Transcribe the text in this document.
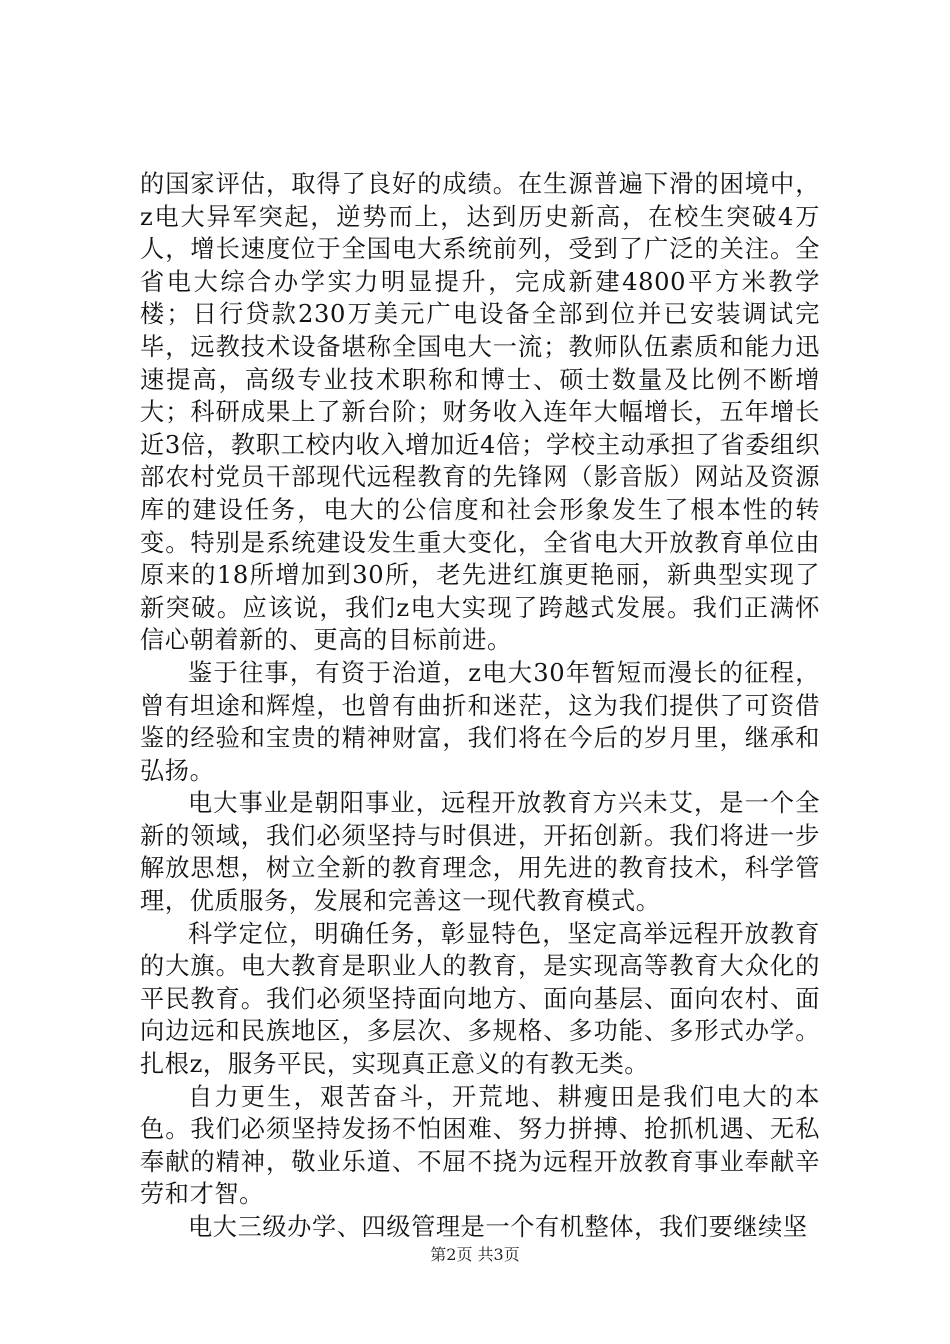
的国家评估，取得了良好的成绩。在生源普遍下滑的困境中，z电大异军突起，逆势而上，达到历史新高，在校生突破4万人，增长速度位于全国电大系统前列，受到了广泛的关注。全省电大综合办学实力明显提升，完成新建4800平方米教学楼；日行贷款230万美元广电设备全部到位并已安装调试完毕，远教技术设备堪称全国电大一流；教师队伍素质和能力迅速提高，高级专业技术职称和博士、硕士数量及比例不断增大；科研成果上了新台阶；财务收入连年大幅增长，五年增长近3倍，教职工校内收入增加近4倍；学校主动承担了省委组织部农村党员干部现代远程教育的先锋网（影音版）网站及资源库的建设任务，电大的公信度和社会形象发生了根本性的转变。特别是系统建设发生重大变化，全省电大开放教育单位由原来的18所增加到30所，老先进红旗更艳丽，新典型实现了新突破。应该说，我们z电大实现了跨越式发展。我们正满怀信心朝着新的、更高的目标前进。

鉴于往事，有资于治道，z电大30年暂短而漫长的征程，曾有坦途和辉煌，也曾有曲折和迷茫，这为我们提供了可资借鉴的经验和宝贵的精神财富，我们将在今后的岁月里，继承和弘扬。

电大事业是朝阳事业，远程开放教育方兴未艾，是一个全新的领域，我们必须坚持与时俱进，开拓创新。我们将进一步解放思想，树立全新的教育理念，用先进的教育技术，科学管理，优质服务，发展和完善这一现代教育模式。

科学定位，明确任务，彰显特色，坚定高举远程开放教育的大旗。电大教育是职业人的教育，是实现高等教育大众化的平民教育。我们必须坚持面向地方、面向基层、面向农村、面向边远和民族地区，多层次、多规格、多功能、多形式办学。扎根z，服务平民，实现真正意义的有教无类。

自力更生，艰苦奋斗，开荒地、耕瘦田是我们电大的本色。我们必须坚持发扬不怕困难、努力拼搏、抢抓机遇、无私奉献的精神，敬业乐道、不屈不挠为远程开放教育事业奉献辛劳和才智。

电大三级办学、四级管理是一个有机整体，我们要继续坚

第2页 共3页
